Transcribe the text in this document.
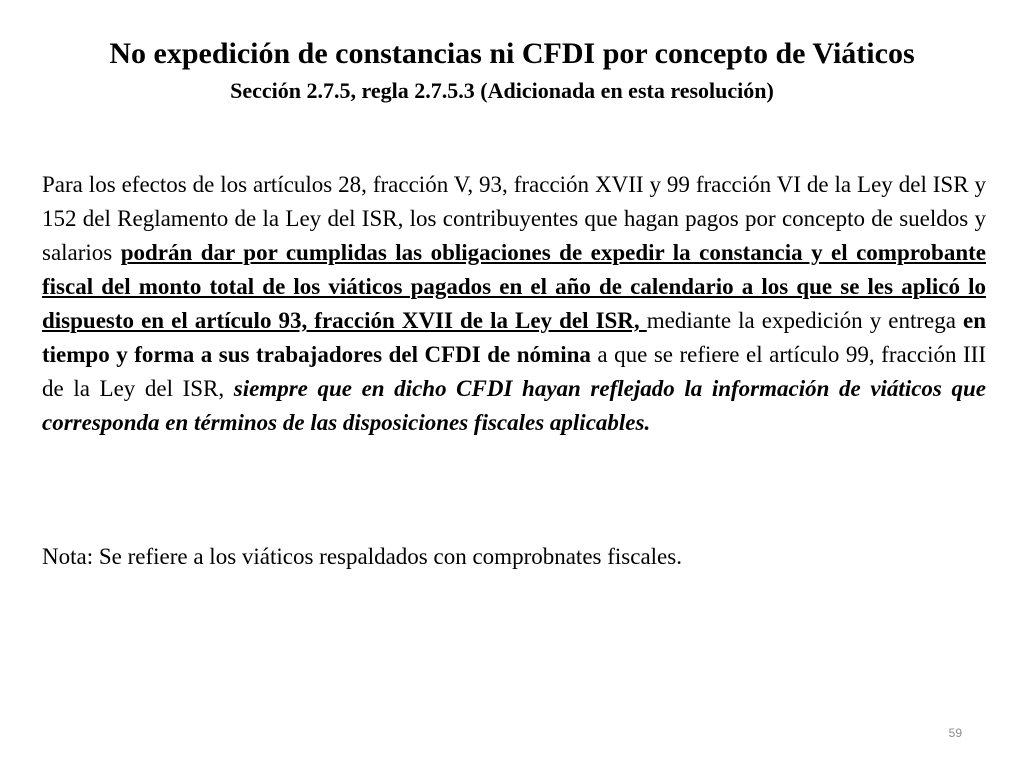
No expedición de constancias ni CFDI por concepto de Viáticos
Sección 2.7.5, regla 2.7.5.3 (Adicionada en esta resolución)

Para los efectos de los artículos 28, fracción V, 93, fracción XVII y 99 fracción VI de la Ley del ISR y 152 del Reglamento de la Ley del ISR, los contribuyentes que hagan pagos por concepto de sueldos y salarios podrán dar por cumplidas las obligaciones de expedir la constancia y el comprobante fiscal del monto total de los viáticos pagados en el año de calendario a los que se les aplicó lo dispuesto en el artículo 93, fracción XVII de la Ley del ISR, mediante la expedición y entrega en tiempo y forma a sus trabajadores del CFDI de nómina a que se refiere el artículo 99, fracción III de la Ley del ISR, siempre que en dicho CFDI hayan reflejado la información de viáticos que corresponda en términos de las disposiciones fiscales aplicables.

Nota: Se refiere a los viáticos respaldados con comprobnates fiscales.

59
